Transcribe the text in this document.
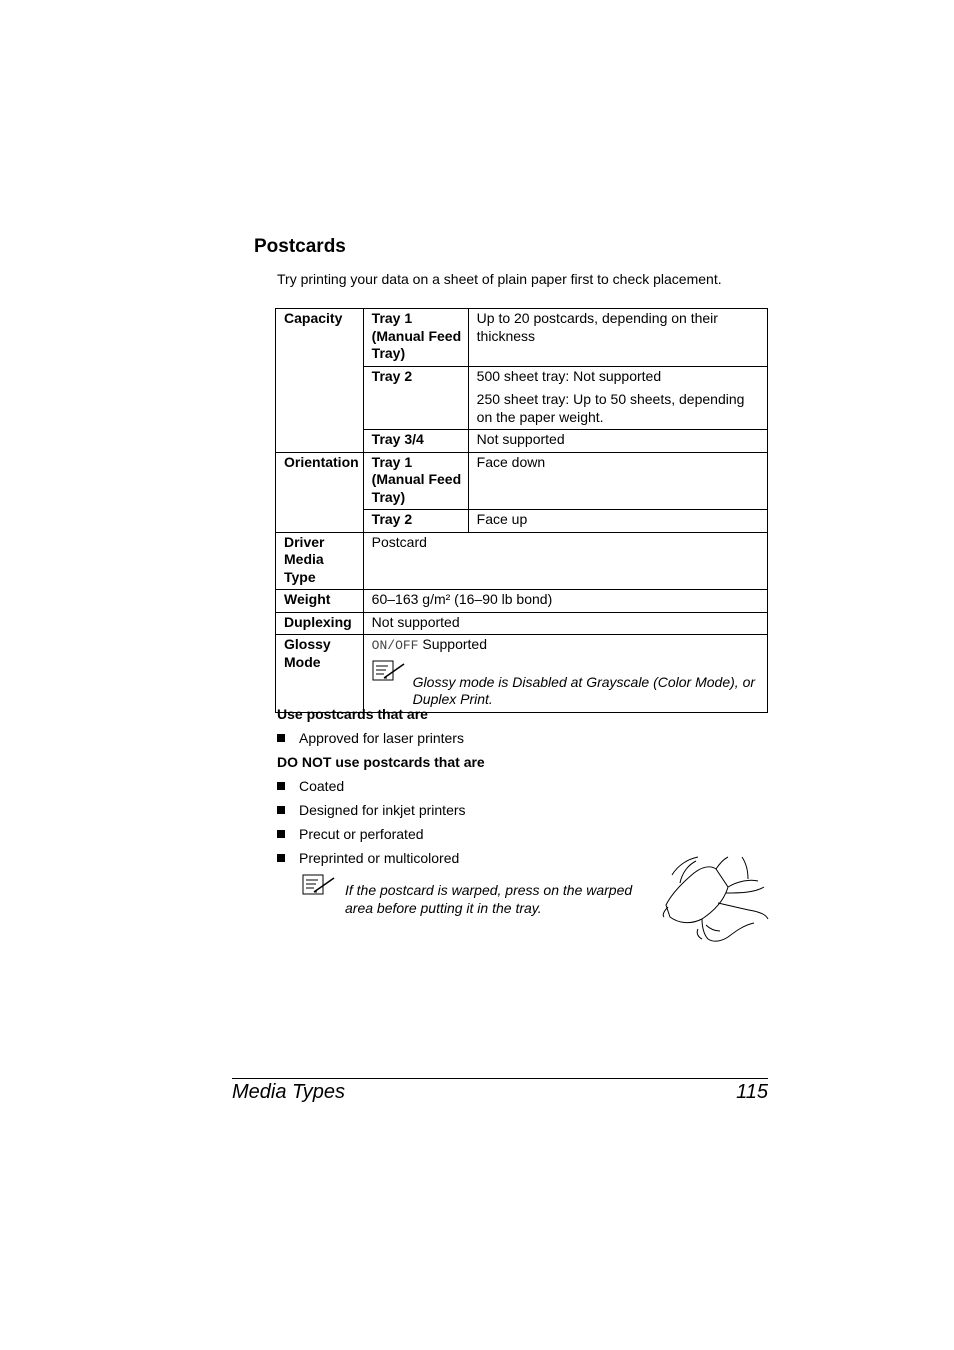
Postcards
Try printing your data on a sheet of plain paper first to check placement.
Capacity	Tray 1 (Manual Feed Tray)	Up to 20 postcards, depending on their thickness
	Tray 2	500 sheet tray: Not supported

250 sheet tray: Up to 50 sheets, depending on the paper weight.

	Tray 3/4	Not supported
Orientation	Tray 1 (Manual Feed Tray)	Face down
	Tray 2	Face up
Driver Media Type	Postcard	
Weight	60–163 g/m² (16–90 lb bond)	
Duplexing	Not supported	
Glossy Mode	ON/OFF Supported
Glossy mode is Disabled at Grayscale (Color Mode), or Duplex Print.	
Use postcards that are
Approved for laser printers
DO NOT use postcards that are
Coated
Designed for inkjet printers
Precut or perforated
Preprinted or multicolored
If the postcard is warped, press on the warped area before putting it in the tray.
Media Types	115
